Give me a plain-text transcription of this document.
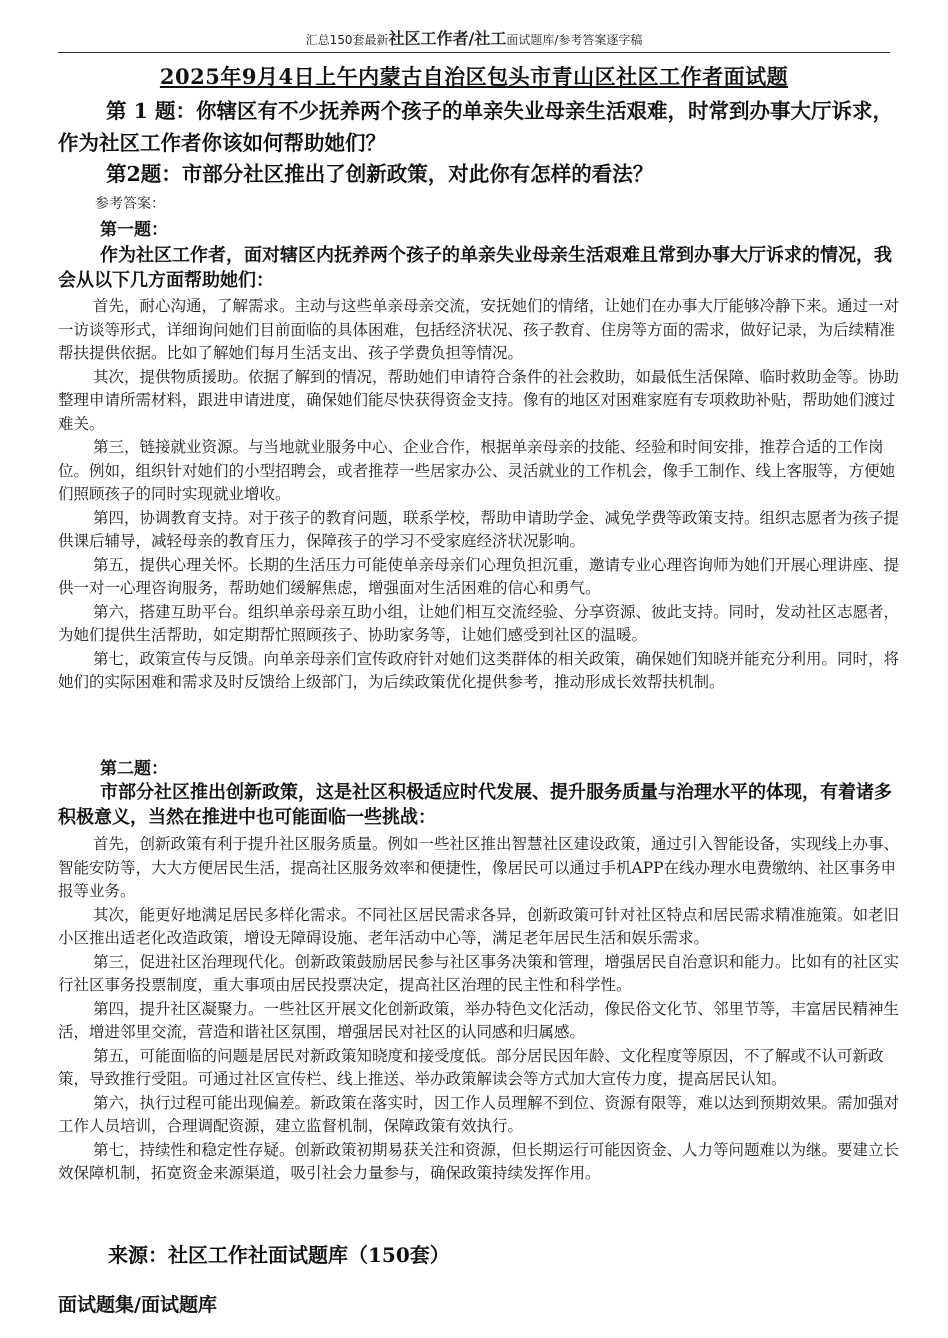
汇总150套最新社区工作者/社工面试题库/参考答案逐字稿
2025年9月4日上午内蒙古自治区包头市青山区社区工作者面试题
第 1 题：你辖区有不少抚养两个孩子的单亲失业母亲生活艰难，时常到办事大厅诉求，作为社区工作者你该如何帮助她们？
第2题：市部分社区推出了创新政策，对此你有怎样的看法？
参考答案：
第一题：
作为社区工作者，面对辖区内抚养两个孩子的单亲失业母亲生活艰难且常到办事大厅诉求的情况，我会从以下几方面帮助她们：

首先，耐心沟通，了解需求。主动与这些单亲母亲交流，安抚她们的情绪，让她们在办事大厅能够冷静下来。通过一对一访谈等形式，详细询问她们目前面临的具体困难，包括经济状况、孩子教育、住房等方面的需求，做好记录，为后续精准帮扶提供依据。比如了解她们每月生活支出、孩子学费负担等情况。

其次，提供物质援助。依据了解到的情况，帮助她们申请符合条件的社会救助，如最低生活保障、临时救助金等。协助整理申请所需材料，跟进申请进度，确保她们能尽快获得资金支持。像有的地区对困难家庭有专项救助补贴，帮助她们渡过难关。

第三，链接就业资源。与当地就业服务中心、企业合作，根据单亲母亲的技能、经验和时间安排，推荐合适的工作岗位。例如，组织针对她们的小型招聘会，或者推荐一些居家办公、灵活就业的工作机会，像手工制作、线上客服等，方便她们照顾孩子的同时实现就业增收。

第四，协调教育支持。对于孩子的教育问题，联系学校，帮助申请助学金、减免学费等政策支持。组织志愿者为孩子提供课后辅导，减轻母亲的教育压力，保障孩子的学习不受家庭经济状况影响。

第五，提供心理关怀。长期的生活压力可能使单亲母亲们心理负担沉重，邀请专业心理咨询师为她们开展心理讲座、提供一对一心理咨询服务，帮助她们缓解焦虑，增强面对生活困难的信心和勇气。

第六，搭建互助平台。组织单亲母亲互助小组，让她们相互交流经验、分享资源、彼此支持。同时，发动社区志愿者，为她们提供生活帮助，如定期帮忙照顾孩子、协助家务等，让她们感受到社区的温暖。

第七，政策宣传与反馈。向单亲母亲们宣传政府针对她们这类群体的相关政策，确保她们知晓并能充分利用。同时，将她们的实际困难和需求及时反馈给上级部门，为后续政策优化提供参考，推动形成长效帮扶机制。

第二题：
市部分社区推出创新政策，这是社区积极适应时代发展、提升服务质量与治理水平的体现，有着诸多积极意义，当然在推进中也可能面临一些挑战：

首先，创新政策有利于提升社区服务质量。例如一些社区推出智慧社区建设政策，通过引入智能设备，实现线上办事、智能安防等，大大方便居民生活，提高社区服务效率和便捷性，像居民可以通过手机APP在线办理水电费缴纳、社区事务申报等业务。

其次，能更好地满足居民多样化需求。不同社区居民需求各异，创新政策可针对社区特点和居民需求精准施策。如老旧小区推出适老化改造政策，增设无障碍设施、老年活动中心等，满足老年居民生活和娱乐需求。

第三，促进社区治理现代化。创新政策鼓励居民参与社区事务决策和管理，增强居民自治意识和能力。比如有的社区实行社区事务投票制度，重大事项由居民投票决定，提高社区治理的民主性和科学性。

第四，提升社区凝聚力。一些社区开展文化创新政策，举办特色文化活动，像民俗文化节、邻里节等，丰富居民精神生活，增进邻里交流，营造和谐社区氛围，增强居民对社区的认同感和归属感。

第五，可能面临的问题是居民对新政策知晓度和接受度低。部分居民因年龄、文化程度等原因，不了解或不认可新政策，导致推行受阻。可通过社区宣传栏、线上推送、举办政策解读会等方式加大宣传力度，提高居民认知。

第六，执行过程可能出现偏差。新政策在落实时，因工作人员理解不到位、资源有限等，难以达到预期效果。需加强对工作人员培训，合理调配资源，建立监督机制，保障政策有效执行。

第七，持续性和稳定性存疑。创新政策初期易获关注和资源，但长期运行可能因资金、人力等问题难以为继。要建立长效保障机制，拓宽资金来源渠道，吸引社会力量参与，确保政策持续发挥作用。

来源：社区工作社面试题库（150套）
面试题集/面试题库
